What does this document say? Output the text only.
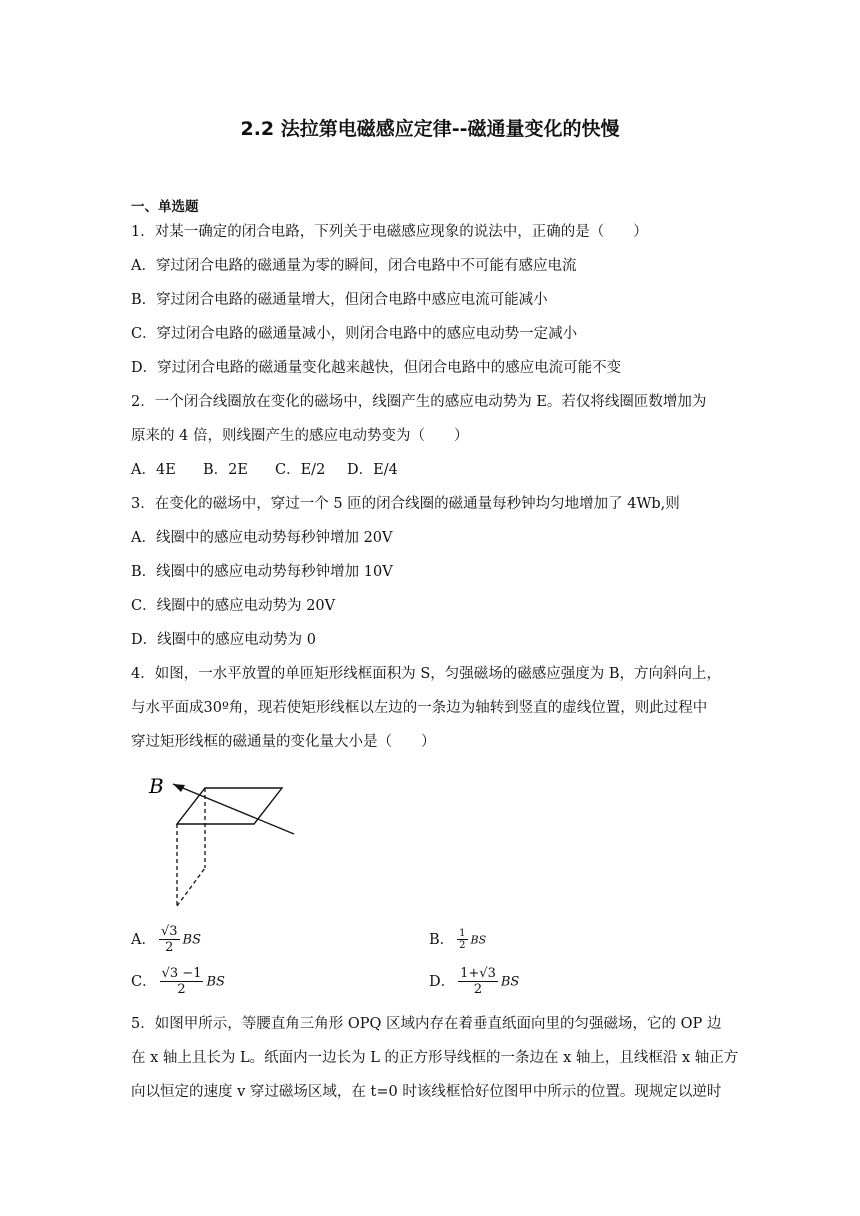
2.2 法拉第电磁感应定律--磁通量变化的快慢
一、单选题
1．对某一确定的闭合电路，下列关于电磁感应现象的说法中，正确的是（　　）
A．穿过闭合电路的磁通量为零的瞬间，闭合电路中不可能有感应电流
B．穿过闭合电路的磁通量增大，但闭合电路中感应电流可能减小
C．穿过闭合电路的磁通量减小，则闭合电路中的感应电动势一定减小
D．穿过闭合电路的磁通量变化越来越快，但闭合电路中的感应电流可能不变
2．一个闭合线圈放在变化的磁场中，线圈产生的感应电动势为 E。若仅将线圈匝数增加为
原来的 4 倍，则线圈产生的感应电动势变为（　　）
A．4E B．2E C．E/2 D．E/4
3．在变化的磁场中，穿过一个 5 匝的闭合线圈的磁通量每秒钟均匀地增加了 4Wb,则
A．线圈中的感应电动势每秒钟增加 20V
B．线圈中的感应电动势每秒钟增加 10V
C．线圈中的感应电动势为 20V
D．线圈中的感应电动势为 0
4．如图，一水平放置的单匝矩形线框面积为 S，匀强磁场的磁感应强度为 B，方向斜向上，
与水平面成30º角，现若使矩形线框以左边的一条边为轴转到竖直的虚线位置，则此过程中
穿过矩形线框的磁通量的变化量大小是（　　）
B
A． $\frac{√3}{2}$ BS	B． $\frac{1}{2}$ BS
C． $\frac{√3 -1}{2}$ BS	D． $\frac{1+√3}{2}$ BS
5．如图甲所示，等腰直角三角形 OPQ 区域内存在着垂直纸面向里的匀强磁场，它的 OP 边
在 x 轴上且长为 L。纸面内一边长为 L 的正方形导线框的一条边在 x 轴上，且线框沿 x 轴正方
向以恒定的速度 v 穿过磁场区域，在 t=0 时该线框恰好位图甲中所示的位置。现规定以逆时
